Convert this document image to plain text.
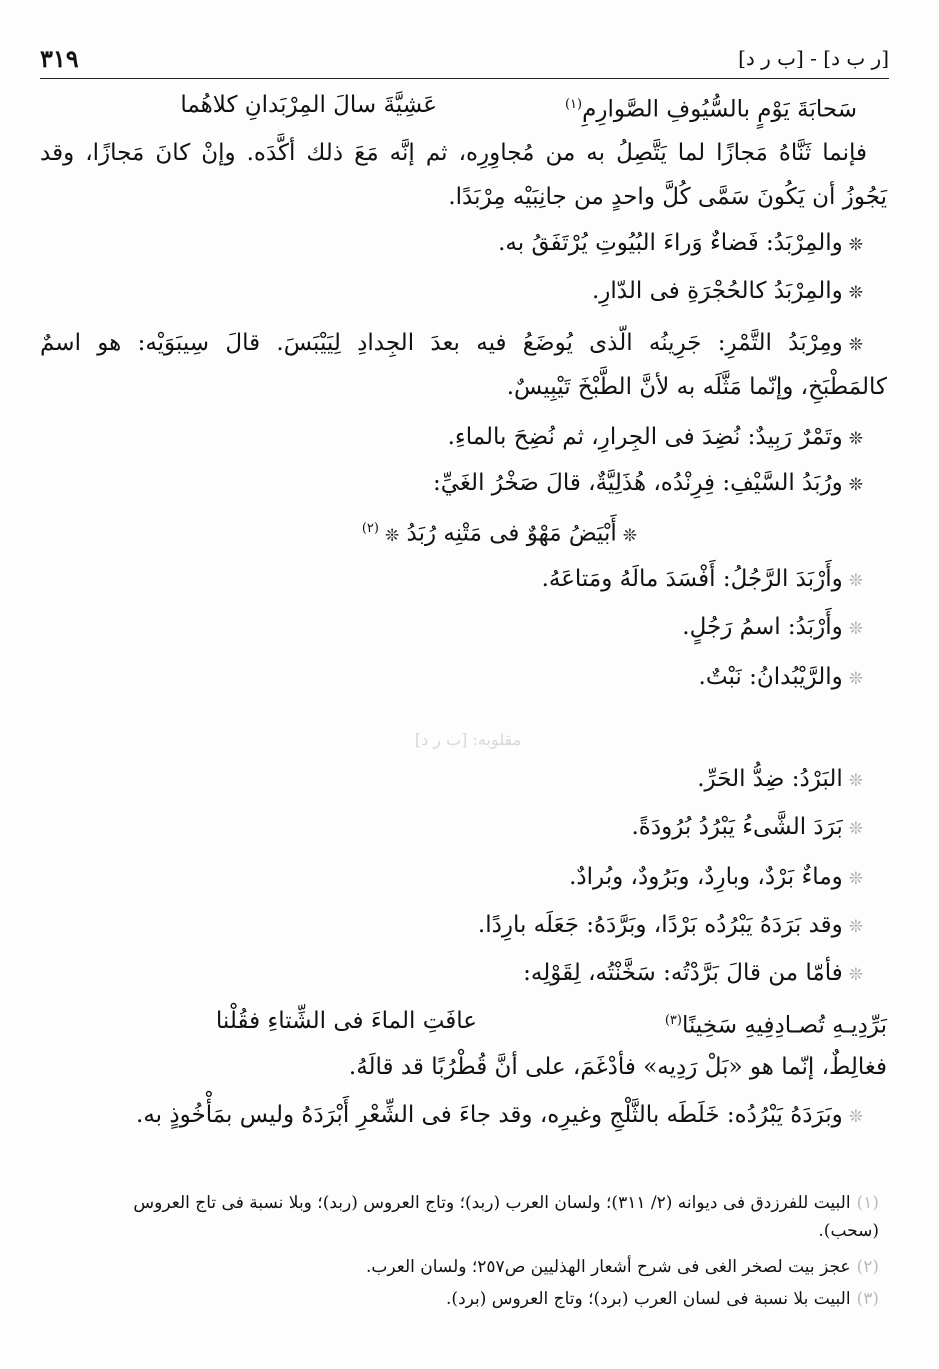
[ر ب د] - [ب ر د]
٣١٩
عَشِيَّةَ سالَ المِرْبَدانِ كلاهُما	سَحابَةَ يَوْمٍ بالسُّيُوفِ الصَّوارِمِ$^{(١)}$
فإنما ثَنَّاهُ مَجازًا لما يَتَّصِلُ به من مُجاوِرِه، ثم إنَّه مَعَ ذلك أكَّدَه. وإنْ كانَ مَجازًا، وقد
يَجُوزُ أن يَكُونَ سَمَّى كُلَّ واحدٍ من جانِبَيْه مِرْبَدًا.
❊والمِرْبَدُ: فَضاءٌ وَراءَ البُيُوتِ يُرْتَفَقُ به.
❊والمِرْبَدُ كالحُجْرَةِ فى الدّارِ.
❊ومِرْبَدُ التَّمْرِ: جَرِينُه الّذى يُوضَعُ فيه بعدَ الجِدادِ لِيَيْبَسَ. قالَ سِيبَوَيْه: هو اسمٌ
كالمَطْبَخِ، وإنّما مَثَّلَه به لأنَّ الطَّبْخَ تَيْبِيسٌ.
❊وتَمْرٌ رَبِيدٌ: نُضِدَ فى الجِرارِ، ثم نُضِحَ بالماءِ.
❊ورُبَدُ السَّيْفِ: فِرِنْدُه، هُذَلِيَّةٌ، قالَ صَخْرُ الغَيِّ:
❊أَبْيَضُ مَهْوٌ فى مَتْنِه رُبَدُ ❊$^{(٢)}$
❊وأَرْبَدَ الرَّجُلُ: أَفْسَدَ مالَهُ ومَتاعَهُ.
❊وأَرْبَدُ: اسمُ رَجُلٍ.
❊والرَّيْبُدانُ: نَبْتٌ.
مقلوبه: [ب ر د]
❊البَرْدُ: ضِدُّ الحَرِّ.
❊بَرَدَ الشَّىءُ يَبْرُدُ بُرُودَةً.
❊وماءٌ بَرْدٌ، وبارِدٌ، وبَرُودٌ، وبُرادٌ.
❊وقد بَرَدَهُ يَبْرُدُه بَرْدًا، وبَرَّدَهُ: جَعَلَه بارِدًا.
❊فأمّا من قالَ بَرَّدْتُه: سَخَّنْتُه، لِقَوْلِه:
عافَتِ الماءَ فى الشِّتاءِ فقُلْنا	بَرِّدِيـهِ تُصـادِفِيهِ سَخِينًا$^{(٣)}$
فغالِطٌ، إنّما هو «بَلْ رَدِيه» فأدْغَمَ، على أنَّ قُطْرُبًا قد قالَهُ.
❊وبَرَدَهُ يَبْرُدُه: خَلَطَه بالثَّلْجِ وغيرِه، وقد جاءَ فى الشِّعْرِ أَبْرَدَهُ وليس بمَأْخُوذٍ به.
(١)البيت للفرزدق فى ديوانه (٢/ ٣١١)؛ ولسان العرب (ربد)؛ وتاج العروس (ربد)؛ وبلا نسبة فى تاج العروس
(سحب).
(٢)عجز بيت لصخر الغى فى شرح أشعار الهذليين ص٢٥٧؛ ولسان العرب.
(٣)البيت بلا نسبة فى لسان العرب (برد)؛ وتاج العروس (برد).
